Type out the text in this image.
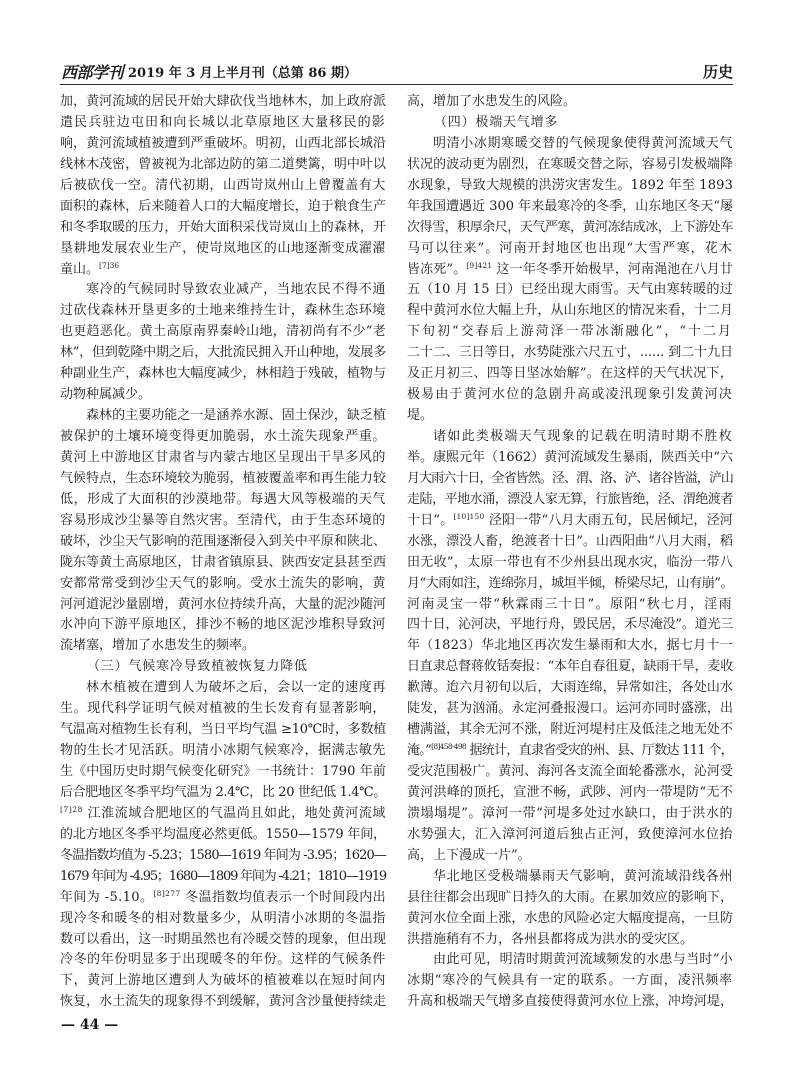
西部学刊 2019 年 3 月上半月刊（总第 86 期）	历史
加，黄河流域的居民开始大肆砍伐当地林木，加上政府派
遣民兵驻边屯田和向长城以北草原地区大量移民的影
响，黄河流域植被遭到严重破坏。明初，山西北部长城沿
线林木茂密，曾被视为北部边防的第二道樊篱，明中叶以
后被砍伐一空。清代初期，山西岢岚州山上曾覆盖有大
面积的森林，后来随着人口的大幅度增长，迫于粮食生产
和冬季取暖的压力，开始大面积采伐岢岚山上的森林，开
垦耕地发展农业生产，使岢岚地区的山地逐渐变成濯濯
童山。$^{[7]36}$
寒冷的气候同时导致农业减产，当地农民不得不通
过砍伐森林开垦更多的土地来维持生计，森林生态环境
也更趋恶化。黄土高原南界秦岭山地，清初尚有不少“老
林”，但到乾隆中期之后，大批流民拥入开山种地，发展多
种副业生产，森林也大幅度减少，林相趋于残破，植物与
动物种属减少。
森林的主要功能之一是涵养水源、固土保沙，缺乏植
被保护的土壤环境变得更加脆弱，水土流失现象严重。
黄河上中游地区甘肃省与内蒙古地区呈现出干旱多风的
气候特点，生态环境较为脆弱，植被覆盖率和再生能力较
低，形成了大面积的沙漠地带。每遇大风等极端的天气
容易形成沙尘暴等自然灾害。至清代，由于生态环境的
破坏，沙尘天气影响的范围逐渐侵入到关中平原和陕北、
陇东等黄土高原地区，甘肃省镇原县、陕西安定县甚至西
安都常常受到沙尘天气的影响。受水土流失的影响，黄
河河道泥沙量剧增，黄河水位持续升高，大量的泥沙随河
水冲向下游平原地区，排沙不畅的地区泥沙堆积导致河
流堵塞，增加了水患发生的频率。
（三）气候寒冷导致植被恢复力降低
林木植被在遭到人为破坏之后，会以一定的速度再
生。现代科学证明气候对植被的生长发育有显著影响，
气温高对植物生长有利，当日平均气温 ≥10℃时，多数植
物的生长才见活跃。明清小冰期气候寒冷，据满志敏先
生《中国历史时期气候变化研究》一书统计：1790 年前
后合肥地区冬季平均气温为 2.4℃，比 20 世纪低 1.4℃。
$^{[7]28}$ 江淮流域合肥地区的气温尚且如此，地处黄河流域
的北方地区冬季平均温度必然更低。1550—1579 年间，
冬温指数均值为 -5.23；1580—1619 年间为 -3.95；1620—
1679 年间为 -4.95；1680—1809 年间为 -4.21；1810—1919
年间为 -5.10。$^{[8]277}$ 冬温指数均值表示一个时间段内出
现冷冬和暖冬的相对数量多少，从明清小冰期的冬温指
数可以看出，这一时期虽然也有冷暖交替的现象，但出现
冷冬的年份明显多于出现暖冬的年份。这样的气候条件
下，黄河上游地区遭到人为破坏的植被难以在短时间内
恢复，水土流失的现象得不到缓解，黄河含沙量便持续走
高，增加了水患发生的风险。
（四）极端天气增多
明清小冰期寒暖交替的气候现象使得黄河流域天气
状况的波动更为剧烈，在寒暖交替之际，容易引发极端降
水现象，导致大规模的洪涝灾害发生。1892 年至 1893
年我国遭遇近 300 年来最寒冷的冬季，山东地区冬天“屡
次得雪，积厚余尺，天气严寒，黄河冻结成冰，上下游处车
马可以往来”。河南开封地区也出现“大雪严寒，花木
皆冻死”。$^{[9]421}$ 这一年冬季开始极早，河南渑池在八月廿
五（10 月 15 日）已经出现大雨雪。天气由寒转暖的过
程中黄河水位大幅上升，从山东地区的情况来看，十二月
下旬初“交春后上游菏泽一带冰渐融化”，“十二月
二十二、三日等日，水势陡涨六尺五寸，...... 到二十九日
及正月初三、四等日坚冰始解”。在这样的天气状况下，
极易由于黄河水位的急剧升高或凌汛现象引发黄河决
堤。
诸如此类极端天气现象的记载在明清时期不胜枚
举。康熙元年（1662）黄河流域发生暴雨，陕西关中“六
月大雨六十日，全省皆然。泾、渭、洛、浐、诸谷皆溢，浐山
走陆，平地水涌，漂没人家无算，行旅皆绝，泾、渭绝渡者
十日”。$^{[10]150}$ 泾阳一带“八月大雨五旬，民居倾圮，泾河
水涨，漂没人畜，绝渡者十日”。山西阳曲“八月大雨，稻
田无收”，太原一带也有不少州县出现水灾，临汾一带八
月“大雨如注，连绵弥月，城垣半倾，桥梁尽圮，山有崩”。
河南灵宝一带“秋霖雨三十日”。原阳“秋七月，淫雨
四十日，沁河决，平地行舟，毁民居，禾尽淹没”。道光三
年（1823）华北地区再次发生暴雨和大水，据七月十一
日直隶总督蒋攸铦奏报：“本年自春徂夏，缺雨干旱，麦收
歉薄。迨六月初旬以后，大雨连绵，异常如注，各处山水
陡发，甚为汹涌。永定河叠报漫口。运河亦同时盛涨，出
槽满溢，其余无河不涨，附近河堤村庄及低洼之地无处不
淹。”$^{[8]458-498}$ 据统计，直隶省受灾的州、县、厅数达 111 个，
受灾范围极广。黄河、海河各支流全面轮番涨水，沁河受
黄河洪峰的顶托，宣泄不畅，武陟、河内一带堤防“无不
溃塌塌堤”。漳河一带“河堤多处过水缺口，由于洪水的
水势强大，汇入漳河河道后独占正河，致使漳河水位抬
高，上下漫成一片”。
华北地区受极端暴雨天气影响，黄河流域沿线各州
县往往都会出现旷日持久的大雨。在累加效应的影响下，
黄河水位全面上涨，水患的风险必定大幅度提高，一旦防
洪措施稍有不力，各州县都将成为洪水的受灾区。
由此可见，明清时期黄河流域频发的水患与当时“小
冰期”寒冷的气候具有一定的联系。一方面，凌汛频率
升高和极端天气增多直接使得黄河水位上涨，冲垮河堤，
— 44 —
